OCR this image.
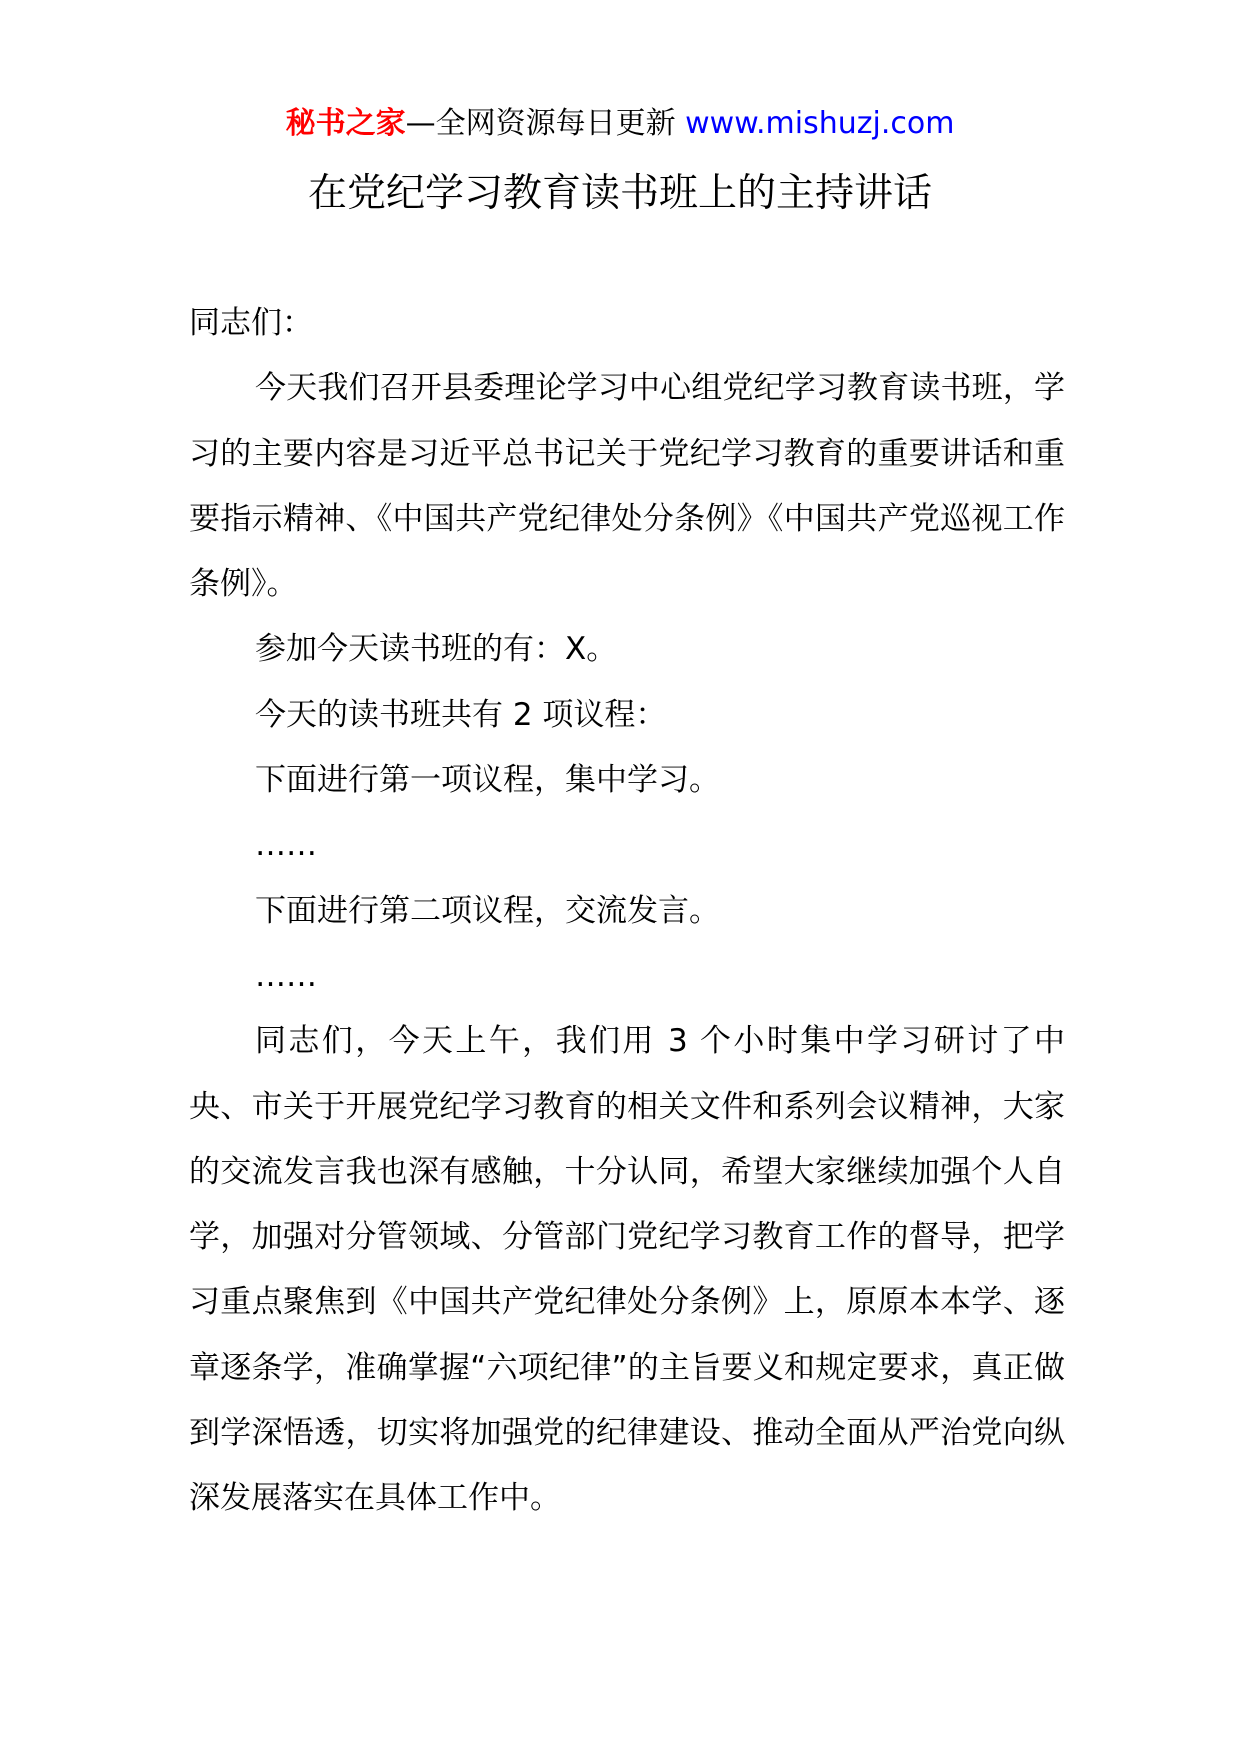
秘书之家—全网资源每日更新 www.mishuzj.com
在党纪学习教育读书班上的主持讲话

同志们：

今天我们召开县委理论学习中心组党纪学习教育读书班，学习的主要内容是习近平总书记关于党纪学习教育的重要讲话和重要指示精神、《中国共产党纪律处分条例》《中国共产党巡视工作条例》。

参加今天读书班的有：X。

今天的读书班共有 2 项议程：

下面进行第一项议程，集中学习。

……

下面进行第二项议程，交流发言。

……

同志们，今天上午，我们用 3 个小时集中学习研讨了中央、市关于开展党纪学习教育的相关文件和系列会议精神，大家的交流发言我也深有感触，十分认同，希望大家继续加强个人自学，加强对分管领域、分管部门党纪学习教育工作的督导，把学习重点聚焦到《中国共产党纪律处分条例》上，原原本本学、逐章逐条学，准确掌握“六项纪律”的主旨要义和规定要求，真正做到学深悟透，切实将加强党的纪律建设、推动全面从严治党向纵深发展落实在具体工作中。
